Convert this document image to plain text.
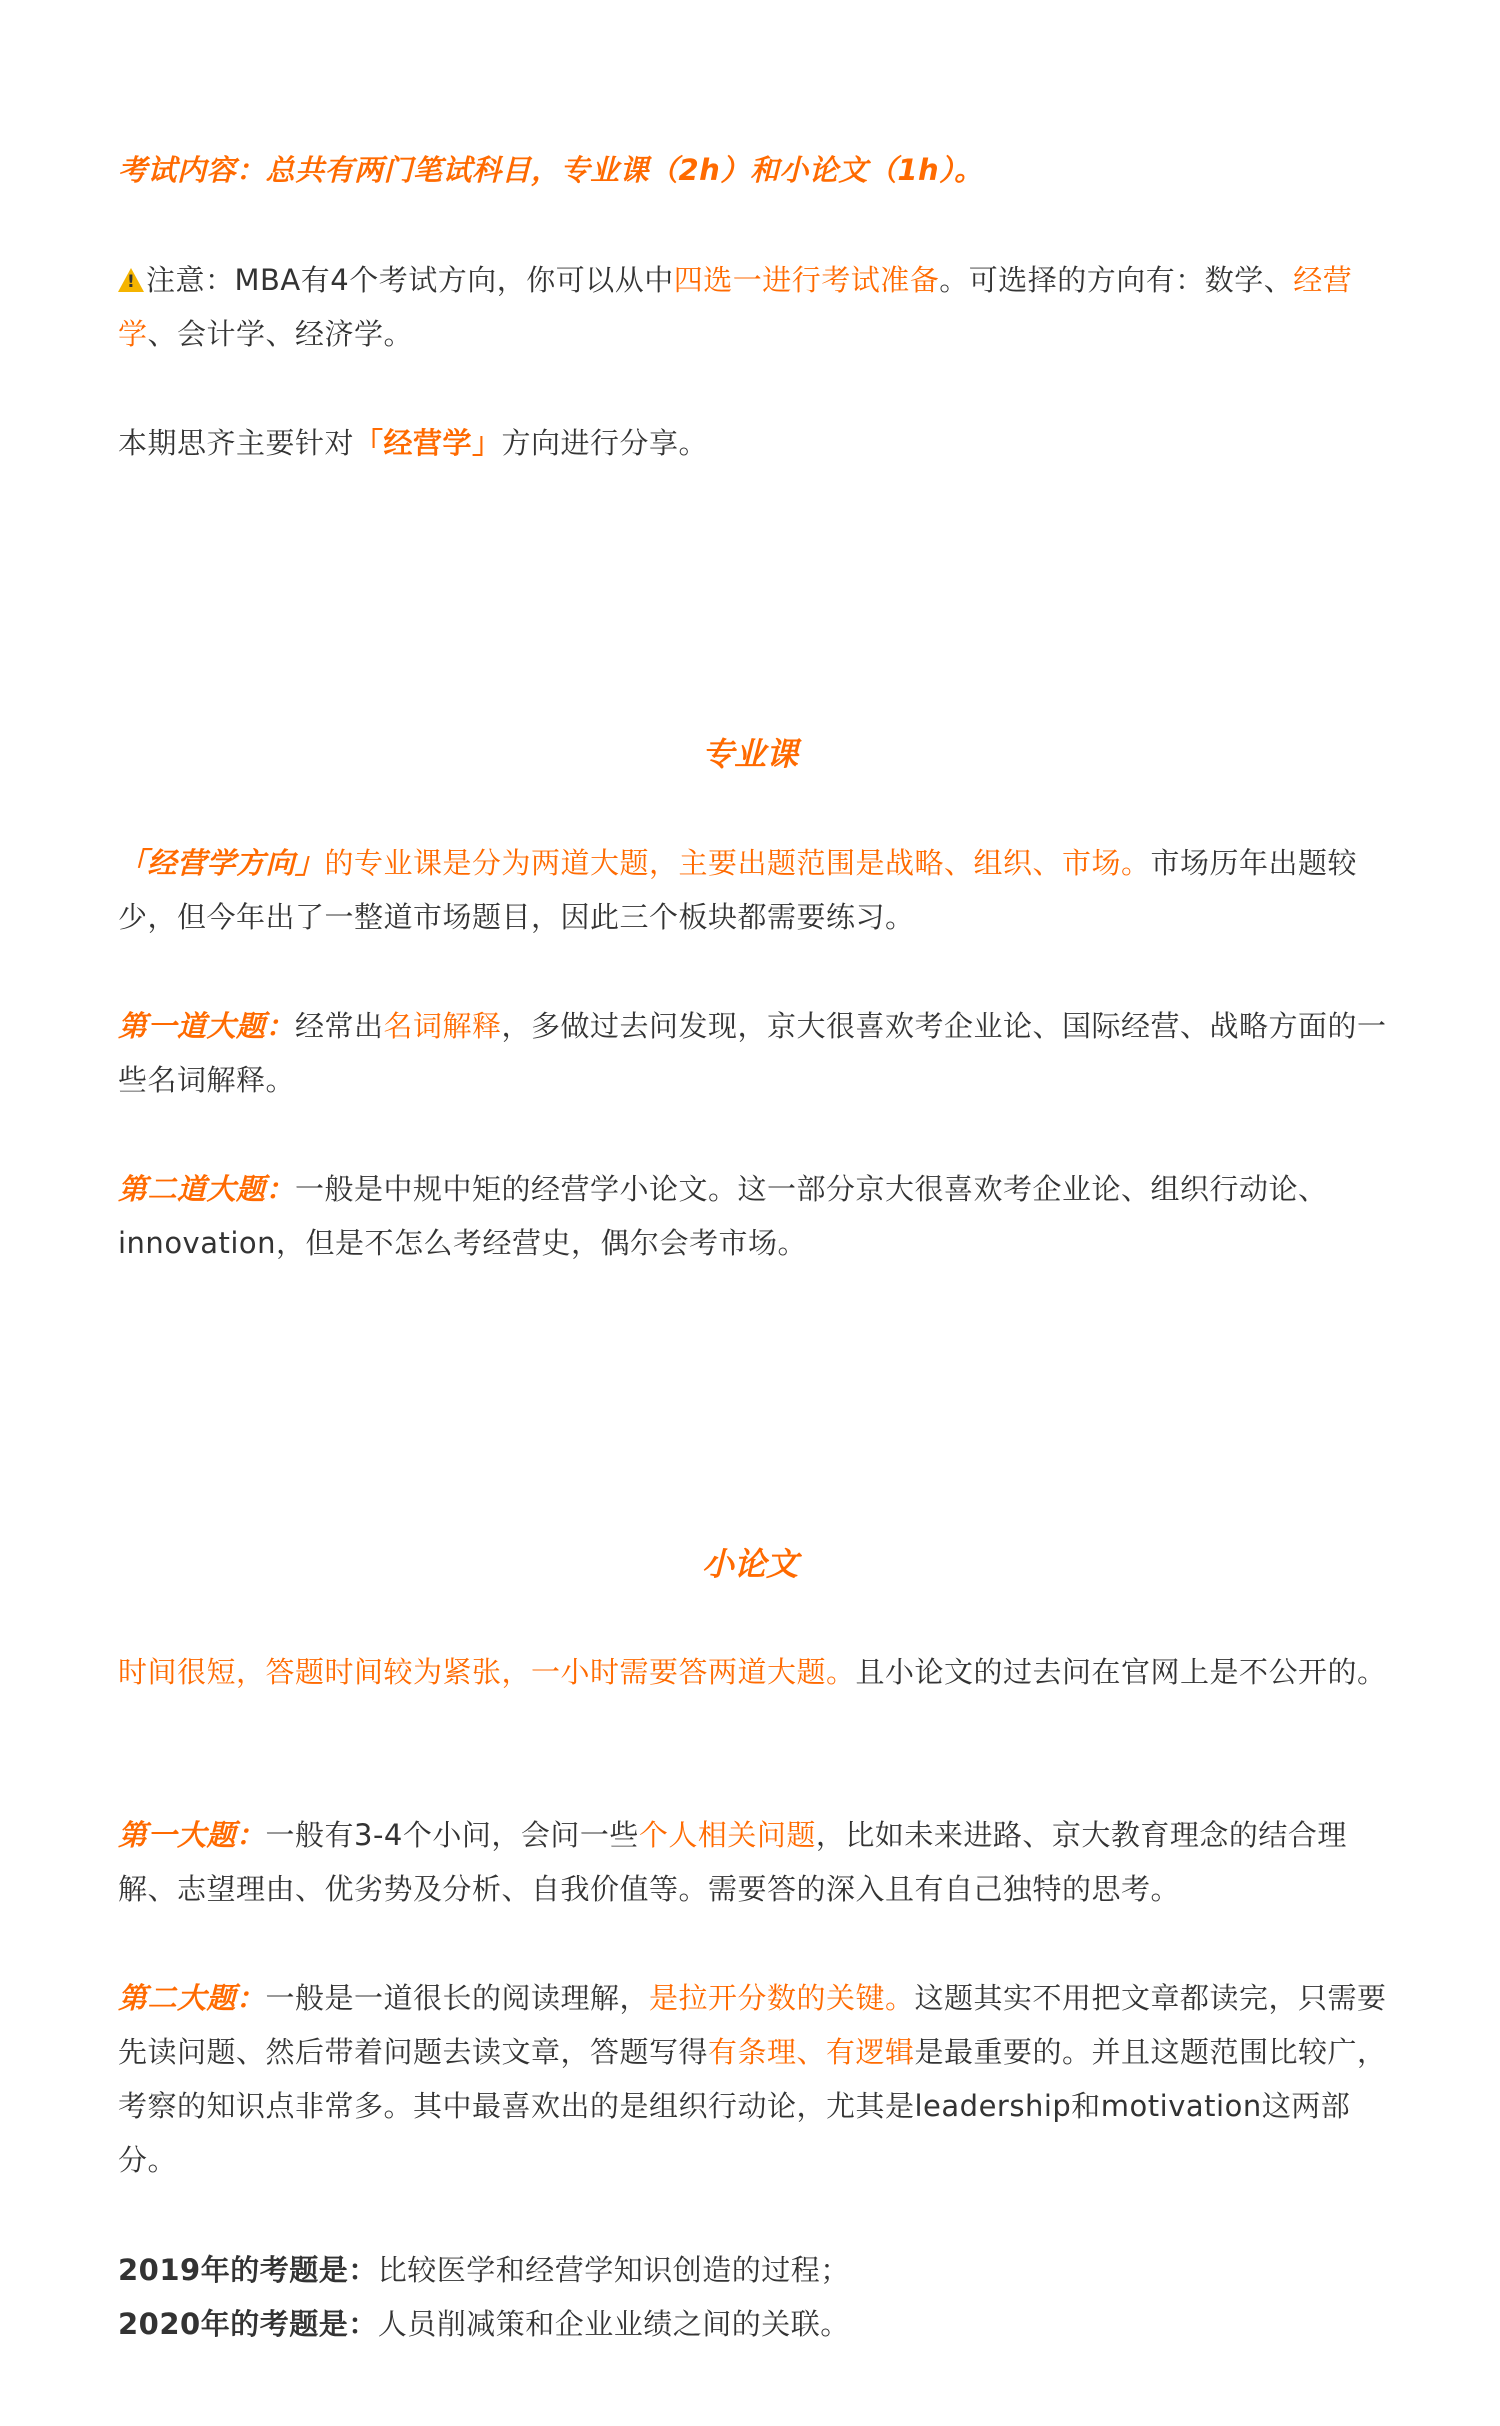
考试内容：总共有两门笔试科目，专业课（2h）和小论文（1h）。

!注意：MBA有4个考试方向，你可以从中四选一进行考试准备。可选择的方向有：数学、经营学、会计学、经济学。

本期思齐主要针对「经营学」方向进行分享。

专业课

「经营学方向」的专业课是分为两道大题，主要出题范围是战略、组织、市场。市场历年出题较少，但今年出了一整道市场题目，因此三个板块都需要练习。

第一道大题：经常出名词解释，多做过去问发现，京大很喜欢考企业论、国际经营、战略方面的一些名词解释。

第二道大题：一般是中规中矩的经营学小论文。这一部分京大很喜欢考企业论、组织行动论、innovation，但是不怎么考经营史，偶尔会考市场。

小论文

时间很短，答题时间较为紧张，一小时需要答两道大题。且小论文的过去问在官网上是不公开的。

第一大题：一般有3-4个小问，会问一些个人相关问题，比如未来进路、京大教育理念的结合理解、志望理由、优劣势及分析、自我价值等。需要答的深入且有自己独特的思考。

第二大题：一般是一道很长的阅读理解，是拉开分数的关键。这题其实不用把文章都读完，只需要先读问题、然后带着问题去读文章，答题写得有条理、有逻辑是最重要的。并且这题范围比较广，考察的知识点非常多。其中最喜欢出的是组织行动论，尤其是leadership和motivation这两部分。

2019年的考题是：比较医学和经营学知识创造的过程；
2020年的考题是：人员削减策和企业业绩之间的关联。
